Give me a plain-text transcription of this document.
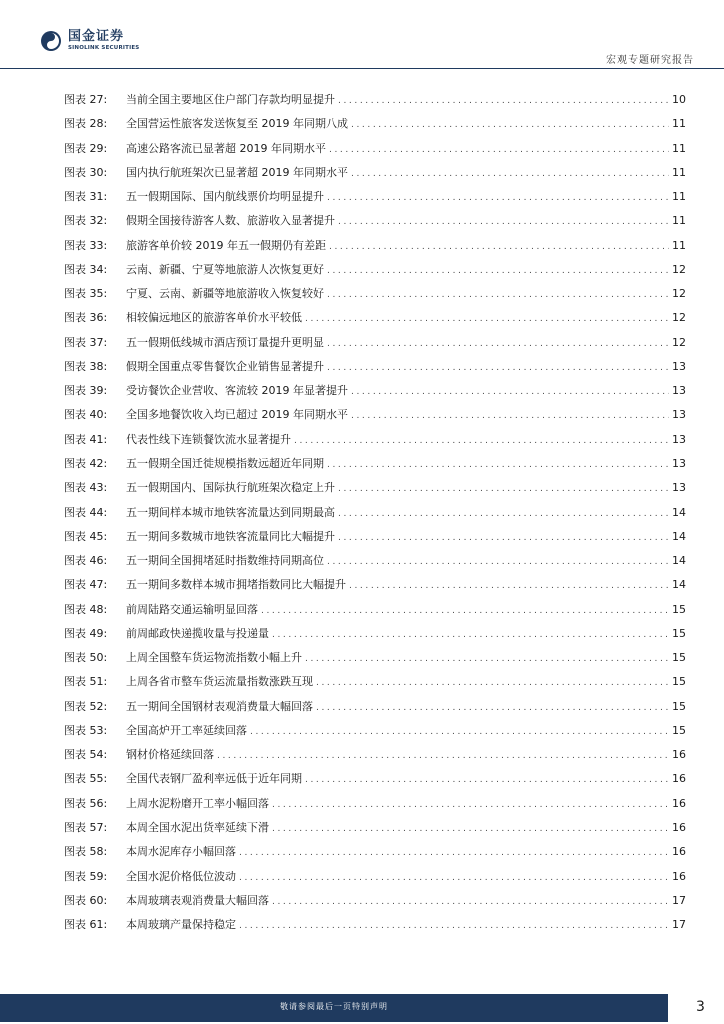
国金证券
SINOLINK SECURITIES
宏观专题研究报告
图表 27:	当前全国主要地区住户部门存款均明显提升 .....	10
图表 28:	全国营运性旅客发送恢复至 2019 年同期八成 .....	11
图表 29:	高速公路客流已显著超 2019 年同期水平 .....	11
图表 30:	国内执行航班架次已显著超 2019 年同期水平 .....	11
图表 31:	五一假期国际、国内航线票价均明显提升 .....	11
图表 32:	假期全国接待游客人数、旅游收入显著提升 .....	11
图表 33:	旅游客单价较 2019 年五一假期仍有差距 .....	11
图表 34:	云南、新疆、宁夏等地旅游人次恢复更好 .....	12
图表 35:	宁夏、云南、新疆等地旅游收入恢复较好 .....	12
图表 36:	相较偏远地区的旅游客单价水平较低 .....	12
图表 37:	五一假期低线城市酒店预订量提升更明显 .....	12
图表 38:	假期全国重点零售餐饮企业销售显著提升 .....	13
图表 39:	受访餐饮企业营收、客流较 2019 年显著提升 .....	13
图表 40:	全国多地餐饮收入均已超过 2019 年同期水平 .....	13
图表 41:	代表性线下连锁餐饮流水显著提升 .....	13
图表 42:	五一假期全国迁徙规模指数远超近年同期 .....	13
图表 43:	五一假期国内、国际执行航班架次稳定上升 .....	13
图表 44:	五一期间样本城市地铁客流量达到同期最高 .....	14
图表 45:	五一期间多数城市地铁客流量同比大幅提升 .....	14
图表 46:	五一期间全国拥堵延时指数维持同期高位 .....	14
图表 47:	五一期间多数样本城市拥堵指数同比大幅提升 .....	14
图表 48:	前周陆路交通运输明显回落 .....	15
图表 49:	前周邮政快递揽收量与投递量 .....	15
图表 50:	上周全国整车货运物流指数小幅上升 .....	15
图表 51:	上周各省市整车货运流量指数涨跌互现 .....	15
图表 52:	五一期间全国钢材表观消费量大幅回落 .....	15
图表 53:	全国高炉开工率延续回落 .....	15
图表 54:	钢材价格延续回落 .....	16
图表 55:	全国代表钢厂盈利率远低于近年同期 .....	16
图表 56:	上周水泥粉磨开工率小幅回落 .....	16
图表 57:	本周全国水泥出货率延续下滑 .....	16
图表 58:	本周水泥库存小幅回落 .....	16
图表 59:	全国水泥价格低位波动 .....	16
图表 60:	本周玻璃表观消费量大幅回落 .....	17
图表 61:	本周玻璃产量保持稳定 .....	17
敬请参阅最后一页特别声明	3
